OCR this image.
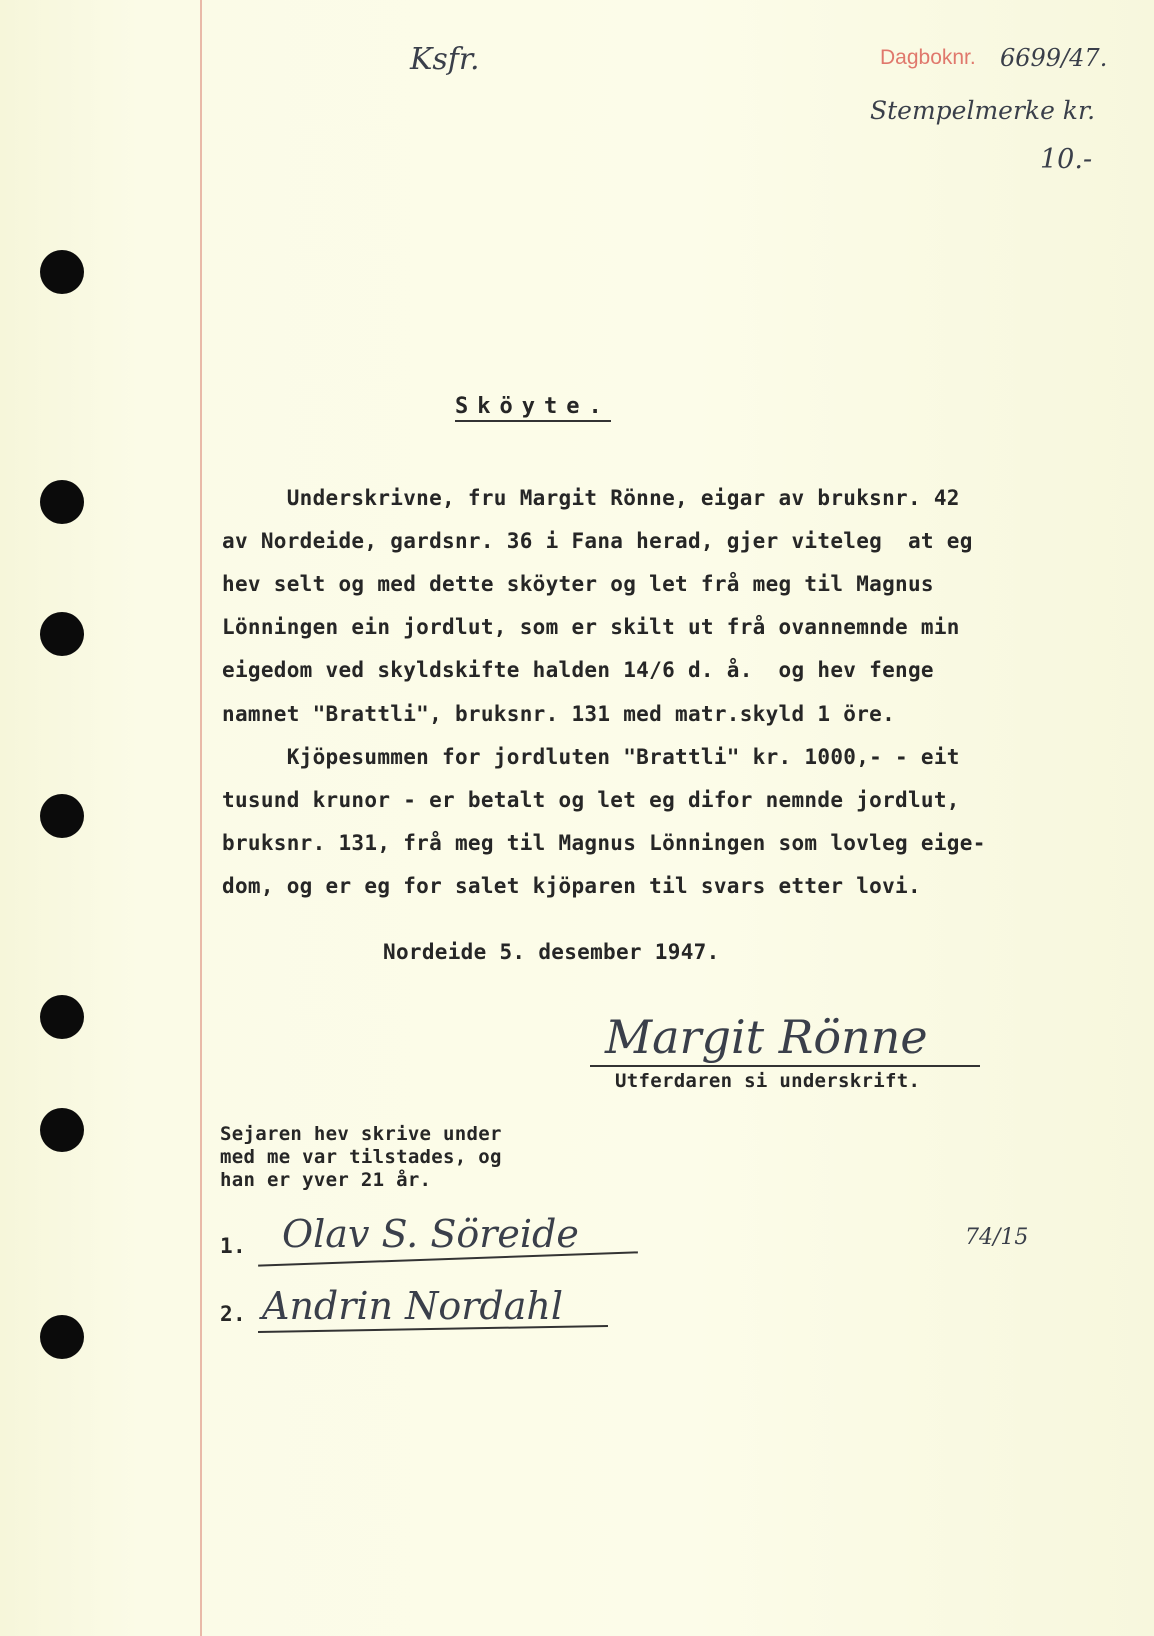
Ksfr.	Dagboknr. 6699/47.
Stempelmerke kr.
10.-
Sköyte.
Underskrivne, fru Margit Rönne, eigar av bruksnr. 42
av Nordeide, gardsnr. 36 i Fana herad, gjer viteleg  at eg
hev selt og med dette sköyter og let frå meg til Magnus
Lönningen ein jordlut, som er skilt ut frå ovannemnde min
eigedom ved skyldskifte halden 14/6 d. å.  og hev fenge
namnet "Brattli", bruksnr. 131 med matr.skyld 1 öre.
Kjöpesummen for jordluten "Brattli" kr. 1000,- - eit
tusund krunor - er betalt og let eg difor nemnde jordlut,
bruksnr. 131, frå meg til Magnus Lönningen som lovleg eige-
dom, og er eg for salet kjöparen til svars etter lovi.
Nordeide 5. desember 1947.
Margit Rönne
Utferdaren si underskrift.
Sejaren hev skrive under
med me var tilstades, og
han er yver 21 år.
1. Olav S. Söreide
2. Andrin Nordahl
74/15
